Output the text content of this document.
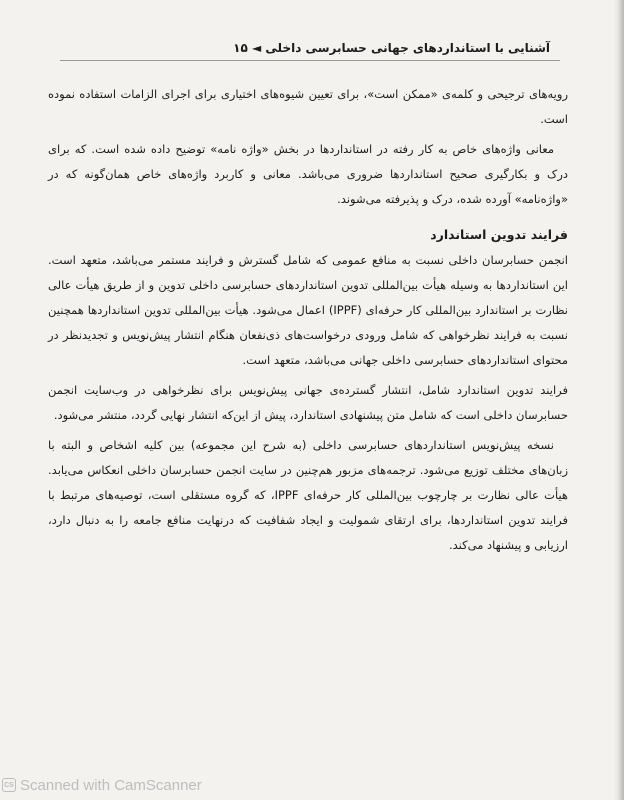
آشنایی با استانداردهای جهانی حسابرسی داخلی ◄ ۱۵

رویه‌های ترجیحی و کلمه‌ی «ممکن است»، برای تعیین شیوه‌های اختیاری برای اجرای الزامات استفاده نموده است.

معانی واژه‌های خاص به کار رفته در استانداردها در بخش «واژه نامه» توضیح داده شده است. که برای درک و بکارگیری صحیح استانداردها ضروری می‌باشد. معانی و کاربرد واژه‌های خاص همان‌گونه که در «واژه‌نامه» آورده شده، درک و پذیرفته می‌شوند.

فرایند تدوین استاندارد

انجمن حسابرسان داخلی نسبت به منافع عمومی که شامل گسترش و فرایند مستمر می‌باشد، متعهد است. این استانداردها به وسیله هیأت بین‌المللی تدوین استانداردهای حسابرسی داخلی تدوین و از طریق هیأت عالی نظارت بر استاندارد بین‌المللی کار حرفه‌ای (IPPF) اعمال می‌شود. هیأت بین‌المللی تدوین استانداردها همچنین نسبت به فرایند نظرخواهی که شامل ورودی درخواست‌های ذی‌نفعان هنگام انتشار پیش‌نویس و تجدیدنظر در محتوای استانداردهای حسابرسی داخلی جهانی می‌باشد، متعهد است.

فرایند تدوین استاندارد شامل، انتشار گسترده‌ی جهانی پیش‌نویس برای نظرخواهی در وب‌سایت انجمن حسابرسان داخلی است که شامل متن پیشنهادی استاندارد، پیش از این‌که انتشار نهایی گردد، منتشر می‌شود.

نسخه پیش‌نویس استانداردهای حسابرسی داخلی (به شرح این مجموعه) بین کلیه اشخاص و البته با زبان‌های مختلف توزیع می‌شود. ترجمه‌های مزبور هم‌چنین در سایت انجمن حسابرسان داخلی انعکاس می‌یابد. هیأت عالی نظارت بر چارچوب بین‌المللی کار حرفه‌ای IPPF، که گروه مستقلی است، توصیه‌های مرتبط با فرایند تدوین استانداردها، برای ارتقای شمولیت و ایجاد شفافیت که درنهایت منافع جامعه را به دنبال دارد، ارزیابی و پیشنهاد می‌کند.

CS Scanned with CamScanner
